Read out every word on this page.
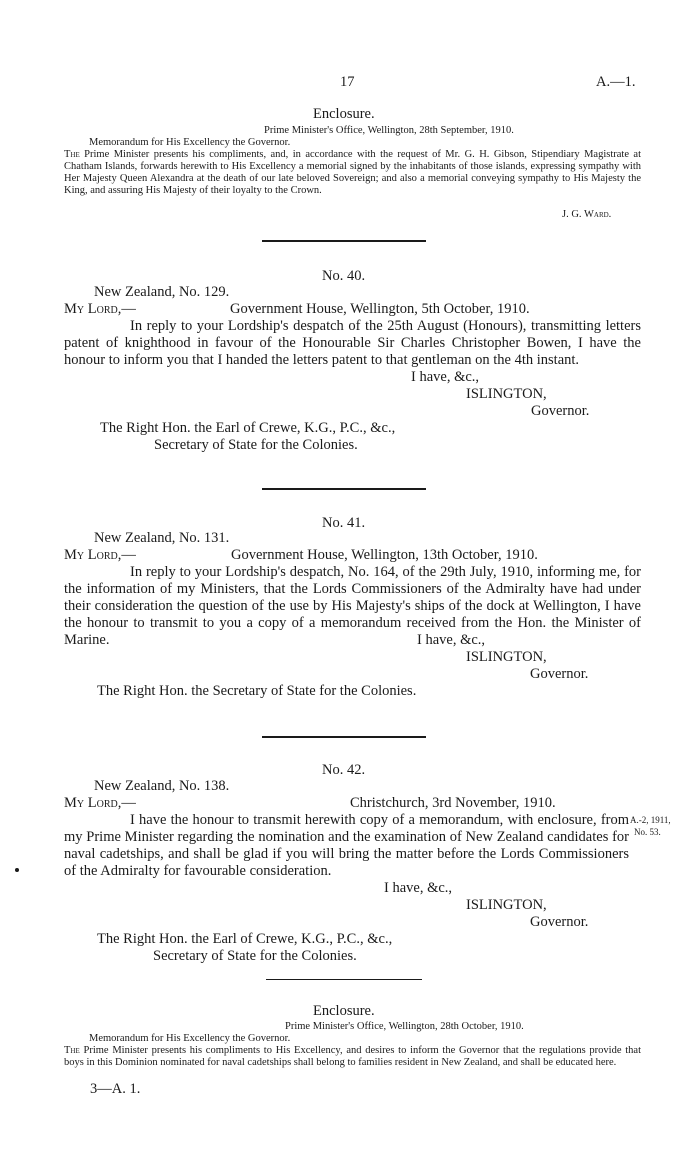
17	A.—1.
Enclosure.
Prime Minister's Office, Wellington, 28th September, 1910.
Memorandum for His Excellency the Governor.
The Prime Minister presents his compliments, and, in accordance with the request of Mr. G. H. Gibson, Stipendiary Magistrate at Chatham Islands, forwards herewith to His Excellency a memorial signed by the inhabitants of those islands, expressing sympathy with Her Majesty Queen Alexandra at the death of our late beloved Sovereign; and also a memorial conveying sympathy to His Majesty the King, and assuring His Majesty of their loyalty to the Crown.
J. G. Ward.
No. 40.
New Zealand, No. 129.
My Lord,—	Government House, Wellington, 5th October, 1910.
In reply to your Lordship's despatch of the 25th August (Honours), transmitting letters patent of knighthood in favour of the Honourable Sir Charles Christopher Bowen, I have the honour to inform you that I handed the letters patent to that gentleman on the 4th instant.
I have, &c.,
ISLINGTON,
Governor.
The Right Hon. the Earl of Crewe, K.G., P.C., &c.,
Secretary of State for the Colonies.
No. 41.
New Zealand, No. 131.
My Lord,—	Government House, Wellington, 13th October, 1910.
In reply to your Lordship's despatch, No. 164, of the 29th July, 1910, informing me, for the information of my Ministers, that the Lords Commissioners of the Admiralty have had under their consideration the question of the use by His Majesty's ships of the dock at Wellington, I have the honour to transmit to you a copy of a memorandum received from the Hon. the Minister of Marine.	I have, &c.,
ISLINGTON,
Governor.
The Right Hon. the Secretary of State for the Colonies.
No. 42.
New Zealand, No. 138.
My Lord,—	Christchurch, 3rd November, 1910.
I have the honour to transmit herewith copy of a memorandum, with enclosure, from my Prime Minister regarding the nomination and the examination of New Zealand candidates for naval cadetships, and shall be glad if you will bring the matter before the Lords Commissioners of the Admiralty for favourable consideration.
A.-2, 1911,
No. 53.
I have, &c.,
ISLINGTON,
Governor.
The Right Hon. the Earl of Crewe, K.G., P.C., &c.,
Secretary of State for the Colonies.
Enclosure.
Prime Minister's Office, Wellington, 28th October, 1910.
Memorandum for His Excellency the Governor.
The Prime Minister presents his compliments to His Excellency, and desires to inform the Governor that the regulations provide that boys in this Dominion nominated for naval cadetships shall belong to families resident in New Zealand, and shall be educated here.
3—A. 1.
